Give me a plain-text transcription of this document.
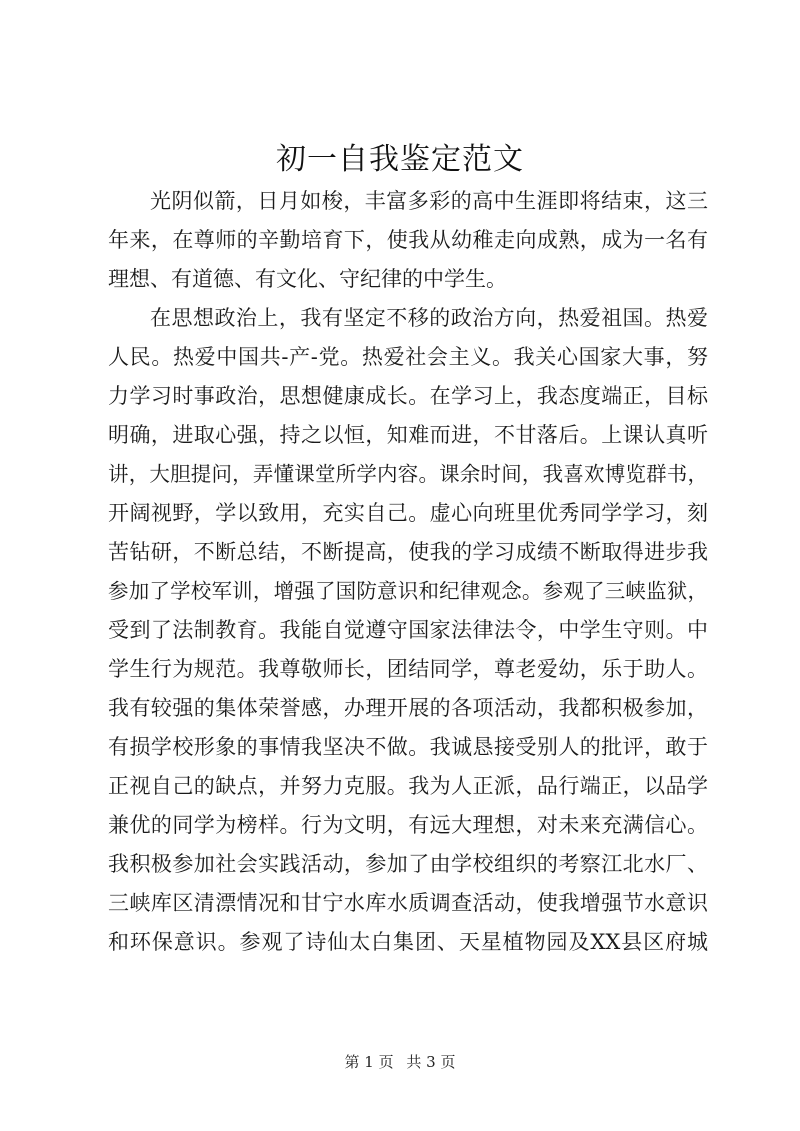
初一自我鉴定范文
光阴似箭，日月如梭，丰富多彩的高中生涯即将结束，这三
年来，在尊师的辛勤培育下，使我从幼稚走向成熟，成为一名有
理想、有道德、有文化、守纪律的中学生。
在思想政治上，我有坚定不移的政治方向，热爱祖国。热爱
人民。热爱中国共-产-党。热爱社会主义。我关心国家大事，努
力学习时事政治，思想健康成长。在学习上，我态度端正，目标
明确，进取心强，持之以恒，知难而进，不甘落后。上课认真听
讲，大胆提问，弄懂课堂所学内容。课余时间，我喜欢博览群书，
开阔视野，学以致用，充实自己。虚心向班里优秀同学学习，刻
苦钻研，不断总结，不断提高，使我的学习成绩不断取得进步我
参加了学校军训，增强了国防意识和纪律观念。参观了三峡监狱，
受到了法制教育。我能自觉遵守国家法律法令，中学生守则。中
学生行为规范。我尊敬师长，团结同学，尊老爱幼，乐于助人。
我有较强的集体荣誉感，办理开展的各项活动，我都积极参加，
有损学校形象的事情我坚决不做。我诚恳接受别人的批评，敢于
正视自己的缺点，并努力克服。我为人正派，品行端正，以品学
兼优的同学为榜样。行为文明，有远大理想，对未来充满信心。
我积极参加社会实践活动，参加了由学校组织的考察江北水厂、
三峡库区清漂情况和甘宁水库水质调查活动，使我增强节水意识
和环保意识。参观了诗仙太白集团、天星植物园及XX县区府城
第 1 页 共 3 页
